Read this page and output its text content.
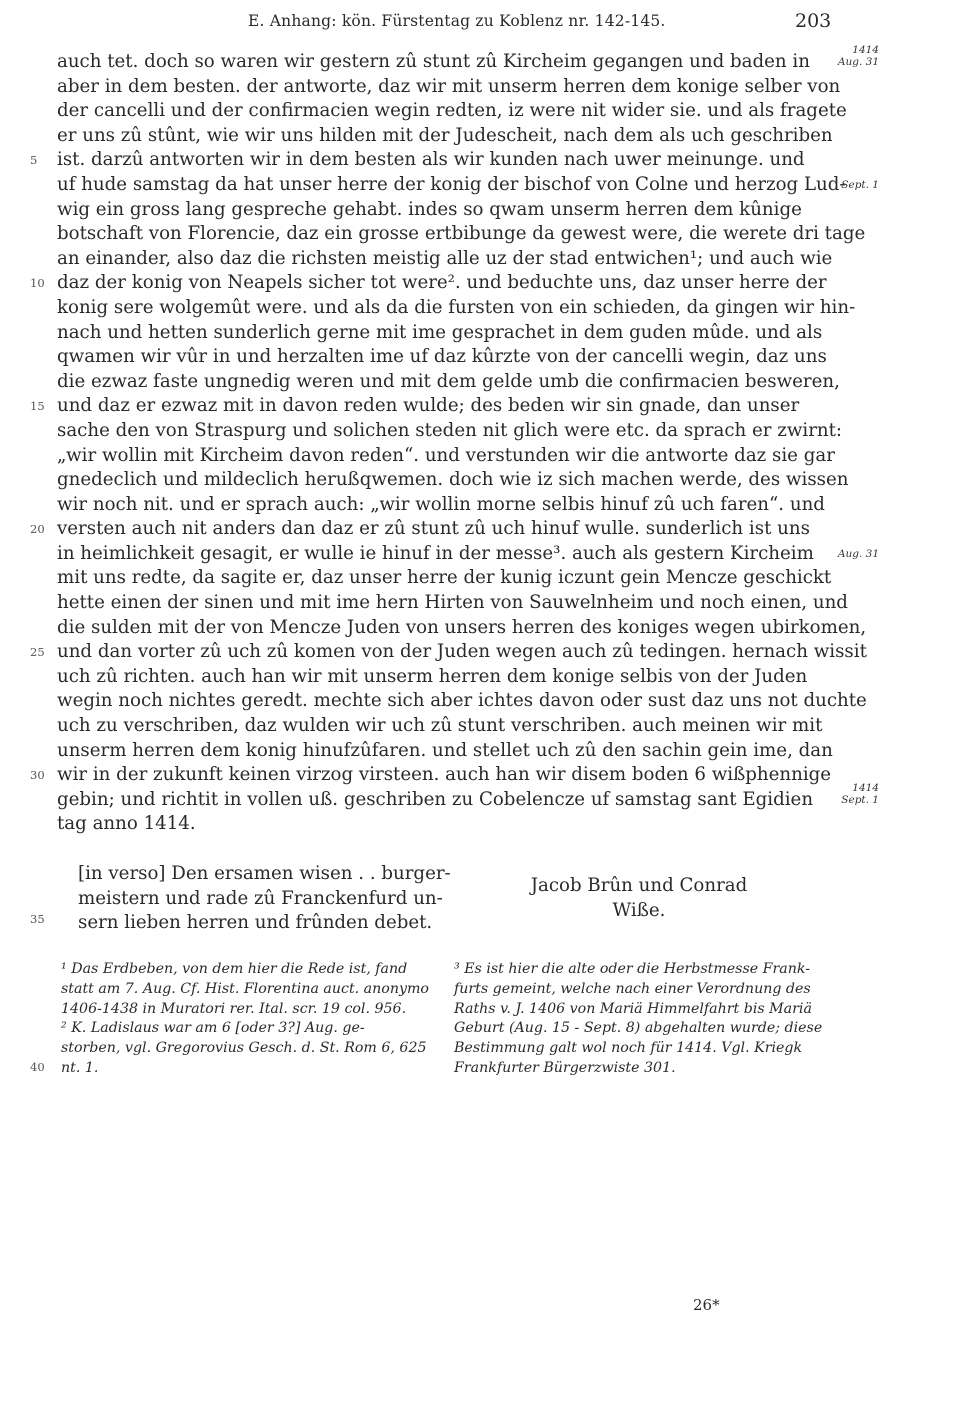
E. Anhang: kön. Fürstentag zu Koblenz nr. 142-145.	203
auch tet. doch so waren wir gestern zû stunt zû Kircheim gegangen und baden in
1414
Aug. 31
aber in dem besten. der antworte, daz wir mit unserm herren dem konige selber von
der cancelli und der confirmacien wegin redten, iz were nit wider sie. und als fragete
er uns zû stûnt, wie wir uns hilden mit der Judescheit, nach dem als uch geschriben
5 ist. darzû antworten wir in dem besten als wir kunden nach uwer meinunge. und
uf hude samstag da hat unser herre der konig der bischof von Colne und herzog Lud-
Sept. 1
wig ein gross lang gespreche gehabt. indes so qwam unserm herren dem kûnige
botschaft von Florencie, daz ein grosse ertbibunge da gewest were, die werete dri tage
an einander, also daz die richsten meistig alle uz der stad entwichen¹; und auch wie
10 daz der konig von Neapels sicher tot were². und beduchte uns, daz unser herre der
konig sere wolgemût were. und als da die fursten von ein schieden, da gingen wir hin-
nach und hetten sunderlich gerne mit ime gesprachet in dem guden mûde. und als
qwamen wir vûr in und herzalten ime uf daz kûrzte von der cancelli wegin, daz uns
die ezwaz faste ungnedig weren und mit dem gelde umb die confirmacien besweren,
15 und daz er ezwaz mit in davon reden wulde; des beden wir sin gnade, dan unser
sache den von Straspurg und solichen steden nit glich were etc. da sprach er zwirnt:
„wir wollin mit Kircheim davon reden“. und verstunden wir die antworte daz sie gar
gnedeclich und mildeclich herußqwemen. doch wie iz sich machen werde, des wissen
wir noch nit. und er sprach auch: „wir wollin morne selbis hinuf zû uch faren“. und
20 versten auch nit anders dan daz er zû stunt zû uch hinuf wulle. sunderlich ist uns
in heimlichkeit gesagit, er wulle ie hinuf in der messe³. auch als gestern Kircheim	Aug. 31
mit uns redte, da sagite er, daz unser herre der kunig iczunt gein Mencze geschickt
hette einen der sinen und mit ime hern Hirten von Sauwelnheim und noch einen, und
die sulden mit der von Mencze Juden von unsers herren des koniges wegen ubirkomen,
25 und dan vorter zû uch zû komen von der Juden wegen auch zû tedingen. hernach wissit
uch zû richten. auch han wir mit unserm herren dem konige selbis von der Juden
wegin noch nichtes geredt. mechte sich aber ichtes davon oder sust daz uns not duchte
uch zu verschriben, daz wulden wir uch zû stunt verschriben. auch meinen wir mit
unserm herren dem konig hinufzûfaren. und stellet uch zû den sachin gein ime, dan
30 wir in der zukunft keinen virzog virsteen. auch han wir disem boden 6 wißphennige
gebin; und richtit in vollen uß. geschriben zu Cobelencze uf samstag sant Egidien
1414
Sept. 1
tag anno 1414.
[in verso] Den ersamen wisen . . burger-
meistern und rade zû Franckenfurd un-
sern lieben herren und frûnden debet.
Jacob Brûn und Conrad
Wiße.
35
¹ Das Erdbeben, von dem hier die Rede ist, fand
statt am 7. Aug. Cf. Hist. Florentina auct. anonymo
1406-1438 in Muratori rer. Ital. scr. 19 col. 956.
² K. Ladislaus war am 6 [oder 3?] Aug. ge-
storben, vgl. Gregorovius Gesch. d. St. Rom 6, 625
nt. 1.
³ Es ist hier die alte oder die Herbstmesse Frank-
furts gemeint, welche nach einer Verordnung des
Raths v. J. 1406 von Mariä Himmelfahrt bis Mariä
Geburt (Aug. 15 - Sept. 8) abgehalten wurde; diese
Bestimmung galt wol noch für 1414. Vgl. Kriegk
Frankfurter Bürgerzwiste 301.
40
26*
